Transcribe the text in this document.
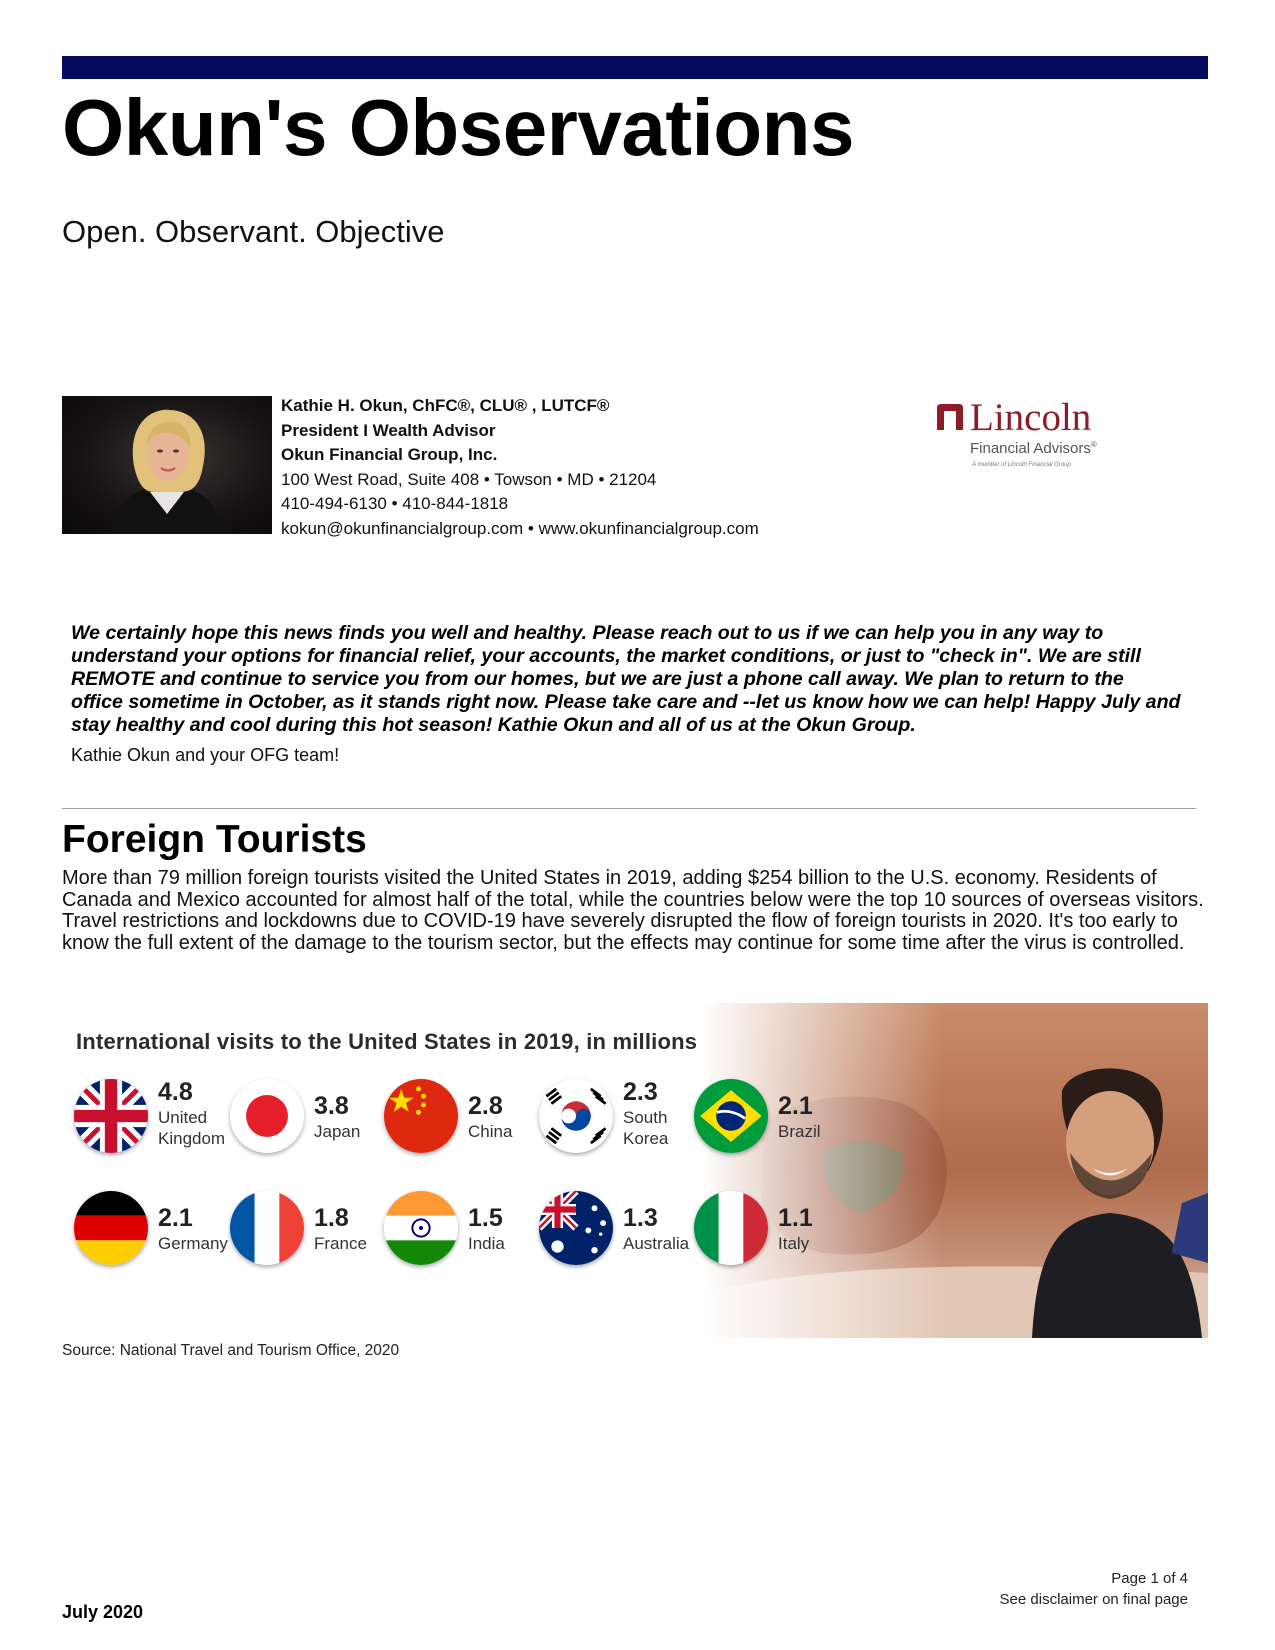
Okun's Observations
Open. Observant. Objective
Kathie H. Okun, ChFC®, CLU® , LUTCF®
President I Wealth Advisor
Okun Financial Group, Inc.
100 West Road, Suite 408 • Towson • MD • 21204
410-494-6130 • 410-844-1818
kokun@okunfinancialgroup.com • www.okunfinancialgroup.com
Lincoln
Financial Advisors®
A member of Lincoln Financial Group
We certainly hope this news finds you well and healthy. Please reach out to us if we can help you in any way to understand your options for financial relief, your accounts, the market conditions, or just to "check in". We are still REMOTE and continue to service you from our homes, but we are just a phone call away. We plan to return to the office sometime in October, as it stands right now. Please take care and --let us know how we can help! Happy July and stay healthy and cool during this hot season! Kathie Okun and all of us at the Okun Group.
Kathie Okun and your OFG team!
Foreign Tourists

More than 79 million foreign tourists visited the United States in 2019, adding $254 billion to the U.S. economy. Residents of Canada and Mexico accounted for almost half of the total, while the countries below were the top 10 sources of overseas visitors. Travel restrictions and lockdowns due to COVID-19 have severely disrupted the flow of foreign tourists in 2020. It's too early to know the full extent of the damage to the tourism sector, but the effects may continue for some time after the virus is controlled.

International visits to the United States in 2019, in millions
4.8
United
Kingdom
3.8
Japan
2.8
China
2.3
South
Korea
2.1
Brazil
2.1
Germany
1.8
France
1.5
India
1.3
Australia
1.1
Italy
Source: National Travel and Tourism Office, 2020
Page 1 of 4
See disclaimer on final page
July 2020
